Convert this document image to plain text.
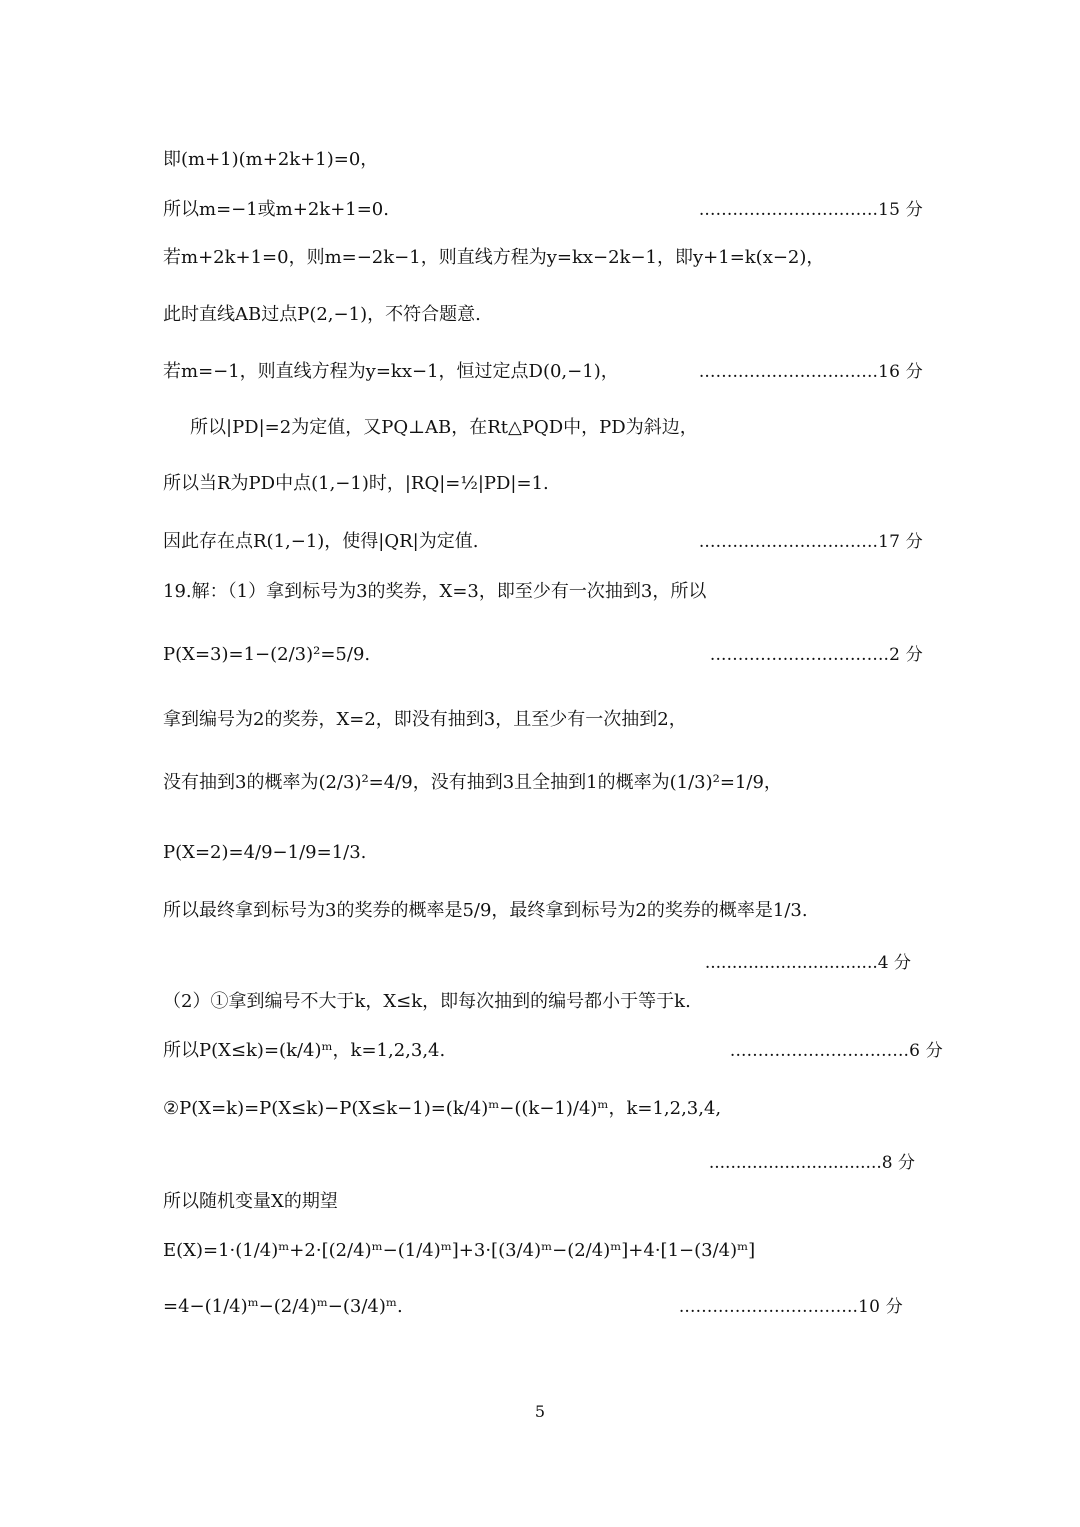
即(m+1)(m+2k+1)=0，
所以m=−1或m+2k+1=0.	................................15 分
若m+2k+1=0，则m=−2k−1，则直线方程为y=kx−2k−1，即y+1=k(x−2)，
此时直线AB过点P(2,−1)，不符合题意.
若m=−1，则直线方程为y=kx−1，恒过定点D(0,−1)，	................................16 分
所以|PD|=2为定值，又PQ⊥AB，在Rt△PQD中，PD为斜边，
所以当R为PD中点(1,−1)时，|RQ|=½|PD|=1.
因此存在点R(1,−1)，使得|QR|为定值.	................................17 分
19.解：（1）拿到标号为3的奖券，X=3，即至少有一次抽到3，所以
P(X=3)=1−(2/3)²=5/9.	................................2 分
拿到编号为2的奖券，X=2，即没有抽到3，且至少有一次抽到2，
没有抽到3的概率为(2/3)²=4/9，没有抽到3且全抽到1的概率为(1/3)²=1/9，
P(X=2)=4/9−1/9=1/3.
所以最终拿到标号为3的奖券的概率是5/9，最终拿到标号为2的奖券的概率是1/3.
................................4 分
（2）①拿到编号不大于k，X≤k，即每次抽到的编号都小于等于k.
所以P(X≤k)=(k/4)ᵐ，k=1,2,3,4.	................................6 分
②P(X=k)=P(X≤k)−P(X≤k−1)=(k/4)ᵐ−((k−1)/4)ᵐ，k=1,2,3,4,
................................8 分
所以随机变量X的期望
E(X)=1·(1/4)ᵐ+2·[(2/4)ᵐ−(1/4)ᵐ]+3·[(3/4)ᵐ−(2/4)ᵐ]+4·[1−(3/4)ᵐ]
=4−(1/4)ᵐ−(2/4)ᵐ−(3/4)ᵐ.	................................10 分
5
